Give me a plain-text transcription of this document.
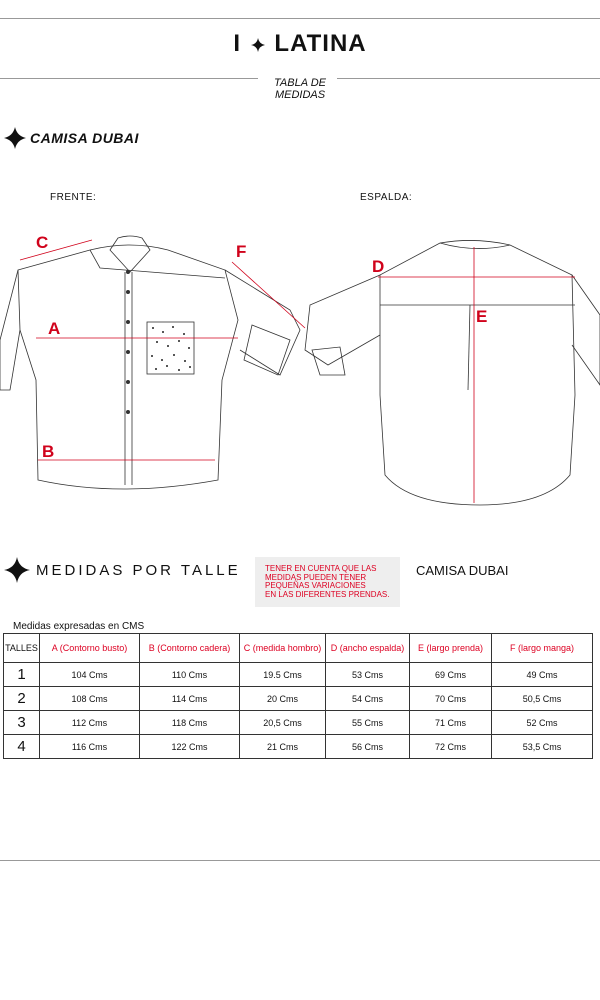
I LATINA
TABLA DE
MEDIDAS
CAMISA DUBAI
FRENTE:	ESPALDA:
C	F
D
E
A
B
MEDIDAS POR TALLE	TENER EN CUENTA QUE LAS
MEDIDAS PUEDEN TENER
PEQUEÑAS VARIACIONES
EN LAS DIFERENTES PRENDAS.
CAMISA DUBAI
Medidas expresadas en CMS
TALLES	A (Contorno busto)	B (Contorno cadera)	C (medida hombro)	D (ancho espalda)	E (largo prenda)	F (largo manga)
1	104 Cms	110 Cms	19.5 Cms	53 Cms	69 Cms	49 Cms
2	108 Cms	114 Cms	20 Cms	54 Cms	70 Cms	50,5 Cms
3	112 Cms	118 Cms	20,5 Cms	55 Cms	71 Cms	52 Cms
4	116 Cms	122 Cms	21 Cms	56 Cms	72 Cms	53,5 Cms
